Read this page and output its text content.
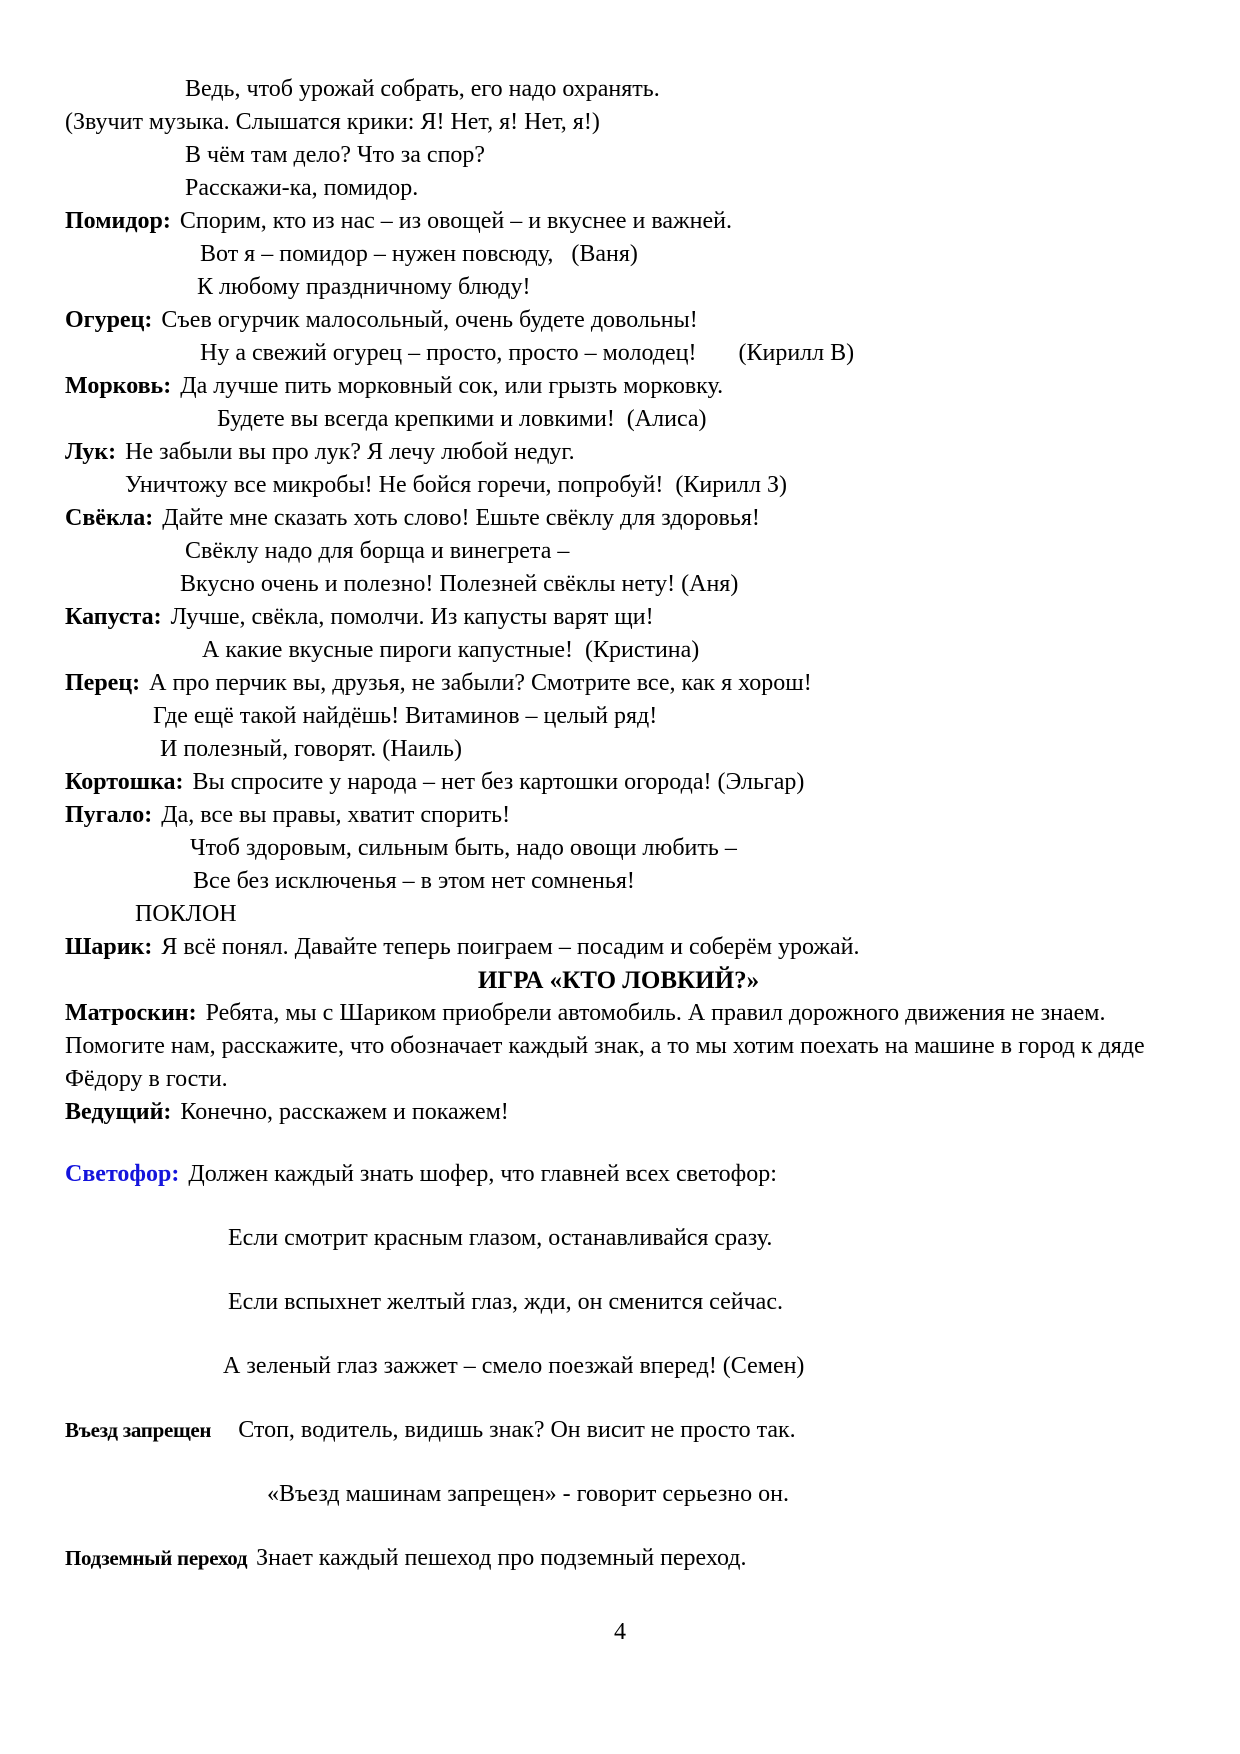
Ведь, чтоб урожай собрать, его надо охранять.
(Звучит музыка. Слышатся крики: Я! Нет, я! Нет, я!)
В чём там дело? Что за спор?
Расскажи-ка, помидор.
Помидор: Спорим, кто из нас – из овощей – и вкуснее и важней.
Вот я – помидор – нужен повсюду,   (Ваня)
К любому праздничному блюду!
Огурец: Съев огурчик малосольный, очень будете довольны!
Ну а свежий огурец – просто, просто – молодец!       (Кирилл В)
Морковь: Да лучше пить морковный сок, или грызть морковку.
Будете вы всегда крепкими и ловкими!  (Алиса)
Лук: Не забыли вы про лук? Я лечу любой недуг.
Уничтожу все микробы! Не бойся горечи, попробуй!  (Кирилл З)
Свёкла: Дайте мне сказать хоть слово! Ешьте свёклу для здоровья!
Свёклу надо для борща и винегрета –
Вкусно очень и полезно! Полезней свёклы нету! (Аня)
Капуста: Лучше, свёкла, помолчи. Из капусты варят щи!
А какие вкусные пироги капустные!  (Кристина)
Перец: А про перчик вы, друзья, не забыли? Смотрите все, как я хорош!
Где ещё такой найдёшь! Витаминов – целый ряд!
И полезный, говорят. (Наиль)
Кортошка: Вы спросите у народа – нет без картошки огорода! (Эльгар)
Пугало: Да, все вы правы, хватит спорить!
Чтоб здоровым, сильным быть, надо овощи любить –
Все без исключенья – в этом нет сомненья!
ПОКЛОН
Шарик: Я всё понял. Давайте теперь поиграем – посадим и соберём урожай.
ИГРА «КТО ЛОВКИЙ?»
Матроскин: Ребята, мы с Шариком приобрели автомобиль. А правил дорожного движения не знаем. Помогите нам, расскажите, что обозначает каждый знак, а то мы хотим поехать на машине в город к дяде Фёдору в гости.
Ведущий: Конечно, расскажем и покажем!
Светофор: Должен каждый знать шофер, что главней всех светофор:
Если смотрит красным глазом, останавливайся сразу.
Если вспыхнет желтый глаз, жди, он сменится сейчас.
А зеленый глаз зажжет – смело поезжай вперед! (Семен)
Въезд запрещен   Стоп, водитель, видишь знак? Он висит не просто так.
«Въезд машинам запрещен» - говорит серьезно он.
Подземный переход Знает каждый пешеход про подземный переход.
4
